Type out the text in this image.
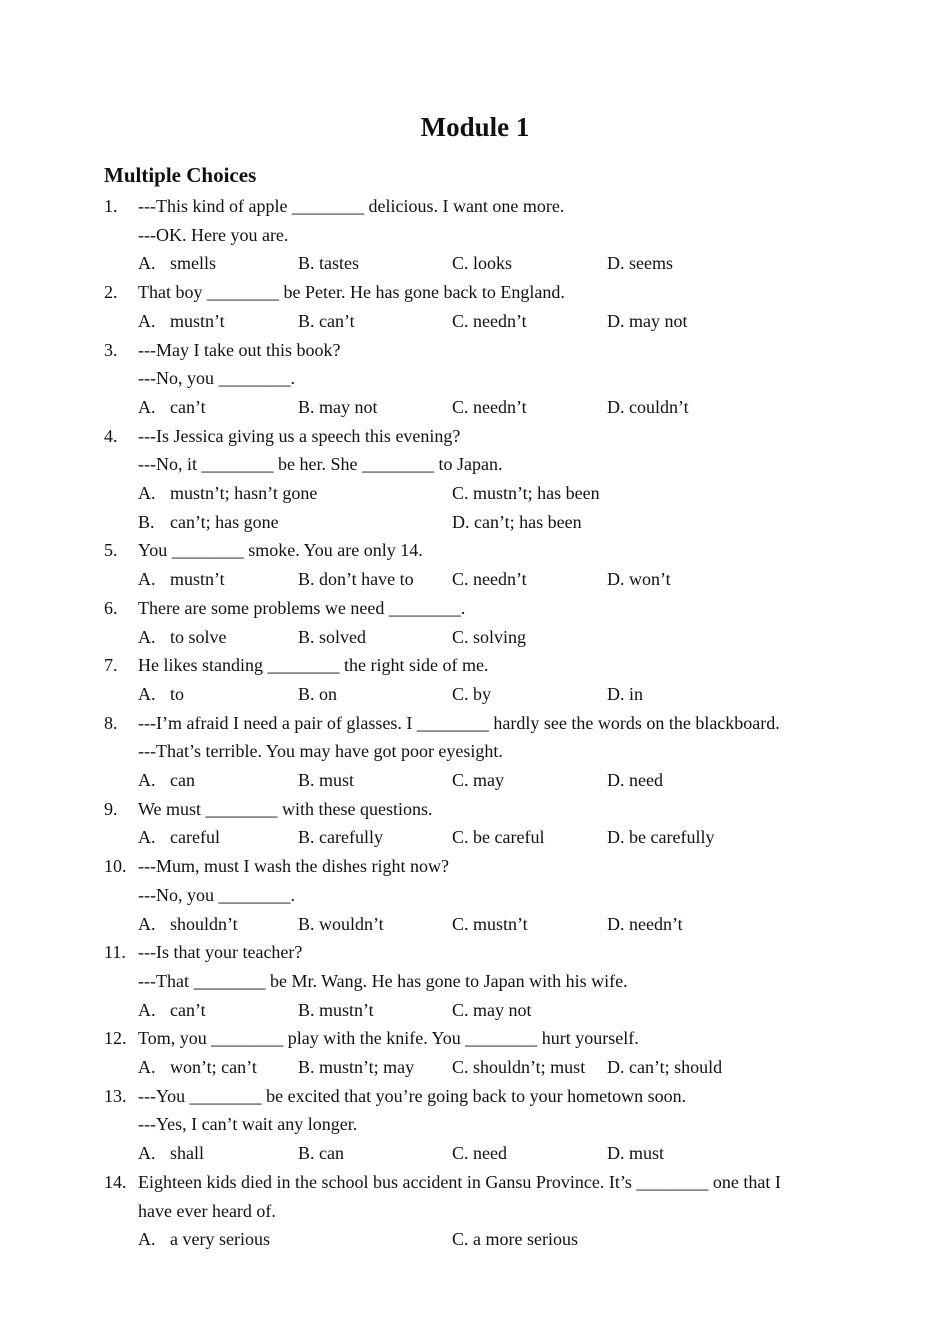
Module 1
Multiple Choices
1. ---This kind of apple ________ delicious. I want one more.
---OK. Here you are.
A. smells	B. tastes	C. looks	D. seems
2. That boy ________ be Peter. He has gone back to England.
A. mustn’t	B. can’t	C. needn’t	D. may not
3. ---May I take out this book?
---No, you ________.
A. can’t	B. may not	C. needn’t	D. couldn’t
4. ---Is Jessica giving us a speech this evening?
---No, it ________ be her. She ________ to Japan.
A. mustn’t; hasn’t gone	C. mustn’t; has been
B. can’t; has gone	D. can’t; has been
5. You ________ smoke. You are only 14.
A. mustn’t	B. don’t have to C. needn’t	D. won’t
6. There are some problems we need ________.
A. to solve	B. solved	C. solving
7. He likes standing ________ the right side of me.
A. to	B. on	C. by	D. in
8. ---I’m afraid I need a pair of glasses. I ________ hardly see the words on the blackboard.
---That’s terrible. You may have got poor eyesight.
A. can	B. must	C. may	D. need
9. We must ________ with these questions.
A. careful	B. carefully	C. be careful	D. be carefully
10. ---Mum, must I wash the dishes right now?
---No, you ________.
A. shouldn’t	B. wouldn’t	C. mustn’t	D. needn’t
11. ---Is that your teacher?
---That ________ be Mr. Wang. He has gone to Japan with his wife.
A. can’t	B. mustn’t	C. may not
12. Tom, you ________ play with the knife. You ________ hurt yourself.
A. won’t; can’t B. mustn’t; may C. shouldn’t; must D. can’t; should
13. ---You ________ be excited that you’re going back to your hometown soon.
---Yes, I can’t wait any longer.
A. shall	B. can	C. need	D. must
14. Eighteen kids died in the school bus accident in Gansu Province. It’s ________ one that I
have ever heard of.
A. a very serious	C. a more serious
